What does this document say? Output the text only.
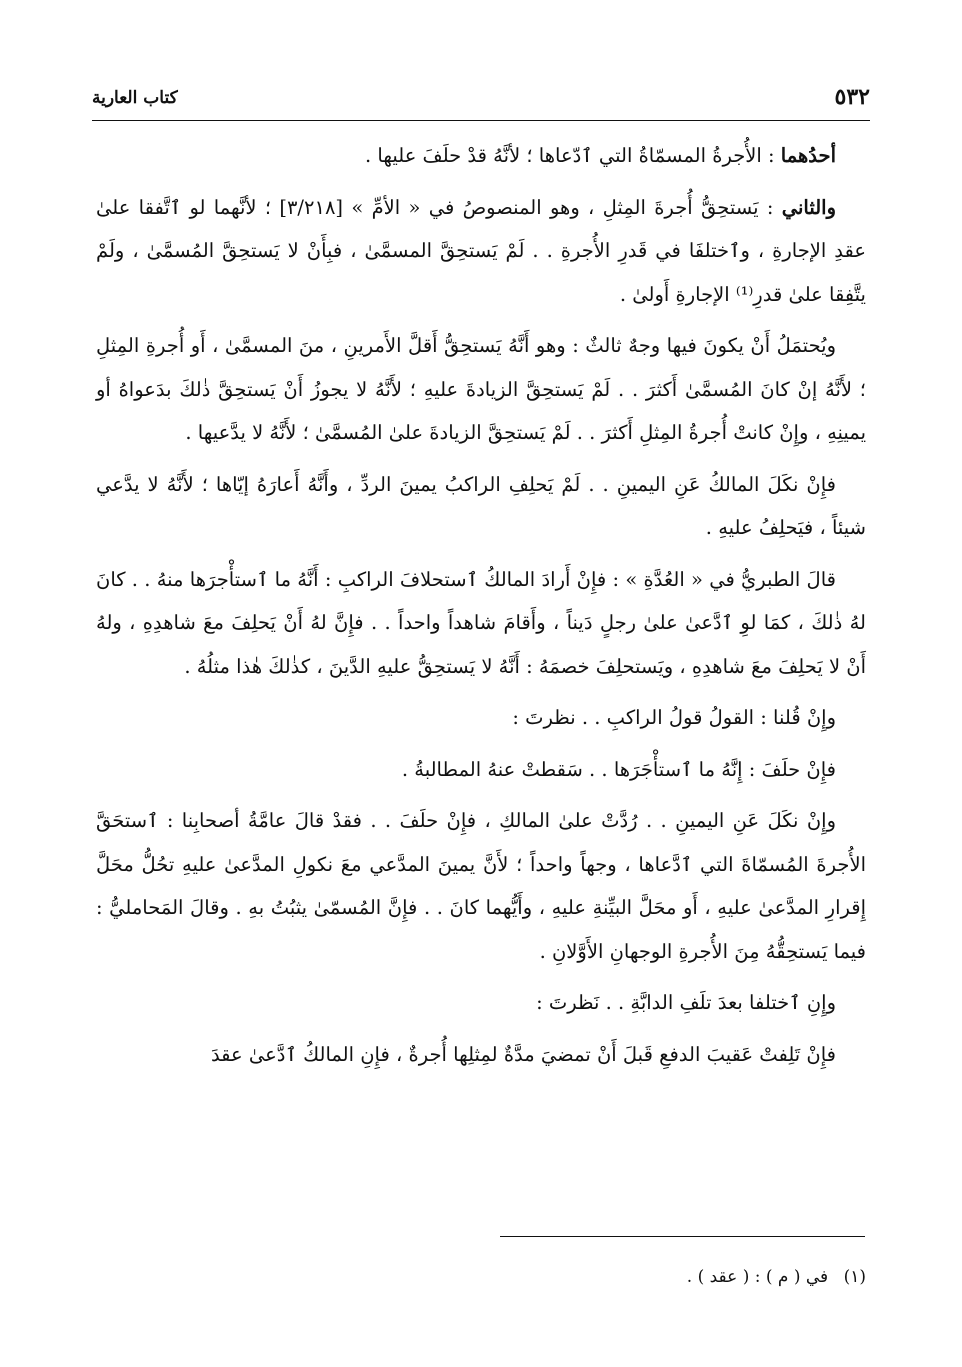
٥٣٢
كتاب العارية

أحدُهما : الأُجرةُ المسمّاةُ التي ٱدّعاها ؛ لأنَّهُ قدْ حلَفَ عليها .

والثاني : يَستحِقُّ أُجرةَ المِثلِ ، وهو المنصوصُ في « الأمِّ » [٣/٢١٨] ؛ لأنَّهما لو ٱتَّفقا علىٰ عقدِ الإجارةِ ، وٱختلفَا في قَدرِ الأُجرةِ . . لَمْ يَستحِقَّ المسمَّىٰ ، فبِأَنْ لا يَستحِقَّ المُسمَّىٰ ، ولَمْ يتَّفِقا علىٰ قدرِ⁽¹⁾ الإجارةِ أَولىٰ .

ويُحتمَلُ أَنْ يكونَ فيها وجهٌ ثالثٌ : وهو أَنَّهُ يَستحِقُّ أَقلَّ الأَمرينِ ، منَ المسمَّىٰ ، أَو أُجرةِ المِثلِ ؛ لأَنَّهُ إنْ كانَ المُسمَّىٰ أَكثرَ . . لَمْ يَستحِقَّ الزيادةَ عليهِ ؛ لأَنَّهُ لا يجوزُ أَنْ يَستحِقَّ ذٰلكَ بدَعواهُ أو يمينِهِ ، وإِنْ كانتْ أُجرةُ المِثلِ أَكثرَ . . لَمْ يَستحِقَّ الزيادةَ علىٰ المُسمَّىٰ ؛ لأَنَّهُ لا يدَّعيها .

فإِنْ نكَلَ المالكُ عَنِ اليمينِ . . لَمْ يَحلِفِ الراكبُ يمينَ الردِّ ، وأَنَّهُ أَعارَهُ إيّاها ؛ لأَنَّهُ لا يدَّعي شيئاً ، فيَحلِفُ عليهِ .

قالَ الطبريُّ في « العُدَّةِ » : فإِنْ أَرادَ المالكُ ٱستحلافَ الراكبِ : أَنَّهُ ما ٱستأْجرَها منهُ . . كانَ لهُ ذٰلكَ ، كمَا لوِ ٱدَّعىٰ علىٰ رجلٍ دَيناً ، وأَقامَ شاهداً واحداً . . فإِنَّ لهُ أَنْ يَحلِفَ معَ شاهدِهِ ، ولهُ أَنْ لا يَحلِفَ معَ شاهدِهِ ، ويَستحلِفَ خصمَهُ : أَنَّهُ لا يَستحِقُّ عليهِ الدَّينَ ، كذٰلكَ هٰذا مثلُهُ .

وإِنْ قُلنا : القولُ قولُ الراكبِ . . نظرتَ :

فإِنْ حلَفَ : إِنَّهُ ما ٱستأْجَرَها . . سَقطتْ عنهُ المطالبةُ .

وإِنْ نكَلَ عَنِ اليمينِ . . رُدَّتْ علىٰ المالكِ ، فإِنْ حلَفَ . . فقدْ قالَ عامَّةُ أصحابِنا : ٱستحَقَّ الأُجرةَ المُسمّاةَ التي ٱدَّعاها ، وجهاً واحداً ؛ لأَنَّ يمينَ المدَّعي معَ نكولِ المدَّعىٰ عليهِ تحُلُّ محَلَّ إِقرارِ المدَّعىٰ عليهِ ، أَو محَلَّ البيِّنةِ عليهِ ، وأَيُّهما كانَ . . فإِنَّ المُسمّىٰ يثبُتُ بهِ . وقالَ المَحامليُّ : فيما يَستحِقُّهُ مِنَ الأُجرةِ الوجهانِ الأَوَّلانِ .

وإِنِ ٱختلفا بعدَ تلَفِ الدابَّةِ . . نَظرتَ :

فإِنْ تَلِفتْ عَقيبَ الدفعِ قَبلَ أَنْ تمضيَ مدَّةٌ لمِثلِها أُجرةٌ ، فإِنِ المالكُ ٱدَّعىٰ عقدَ

(١) في ( م ) : ( عقد ) .
